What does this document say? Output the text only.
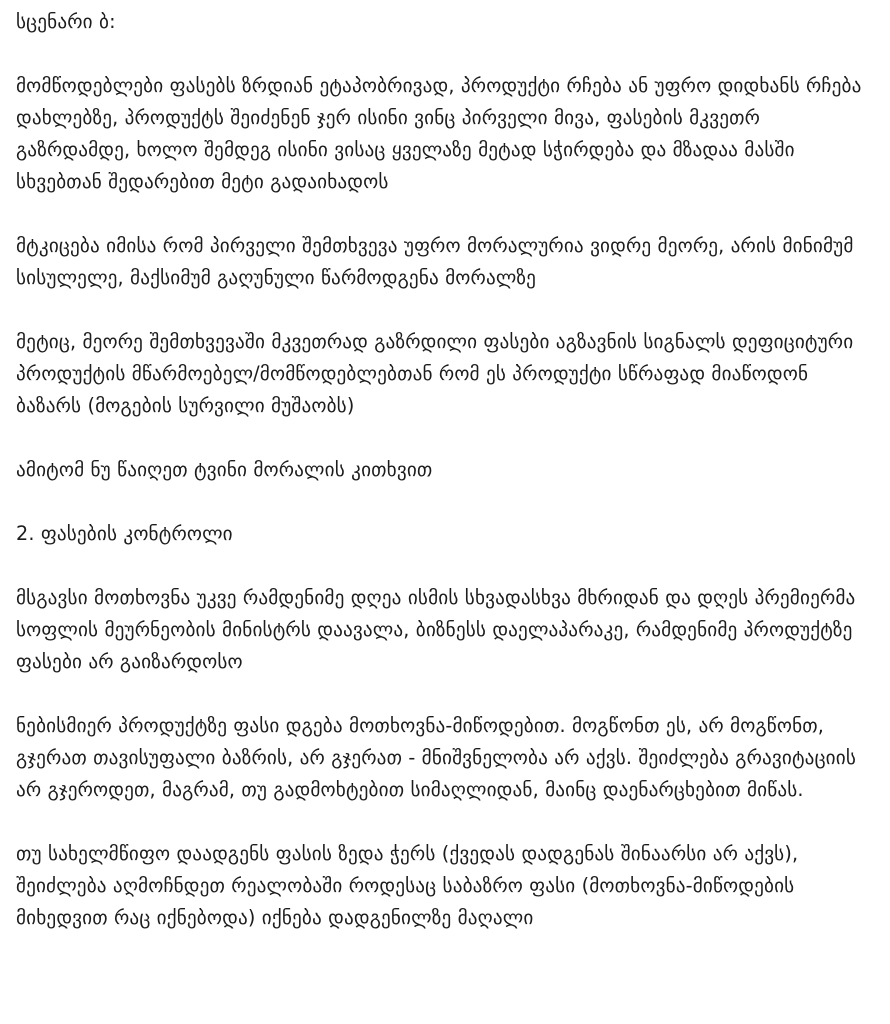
სცენარი ბ:

მომწოდებლები ფასებს ზრდიან ეტაპობრივად, პროდუქტი რჩება ან უფრო დიდხანს რჩება დახლებზე, პროდუქტს შეიძენენ ჯერ ისინი ვინც პირველი მივა, ფასების მკვეთრ გაზრდამდე, ხოლო შემდეგ ისინი ვისაც ყველაზე მეტად სჭირდება და მზადაა მასში სხვებთან შედარებით მეტი გადაიხადოს

მტკიცება იმისა რომ პირველი შემთხვევა უფრო მორალურია ვიდრე მეორე, არის მინიმუმ სისულელე, მაქსიმუმ გაღუნული წარმოდგენა მორალზე

მეტიც, მეორე შემთხვევაში მკვეთრად გაზრდილი ფასები აგზავნის სიგნალს დეფიციტური პროდუქტის მწარმოებელ/მომწოდებლებთან რომ ეს პროდუქტი სწრაფად მიაწოდონ ბაზარს (მოგების სურვილი მუშაობს)

ამიტომ ნუ წაიღეთ ტვინი მორალის კითხვით

2. ფასების კონტროლი

მსგავსი მოთხოვნა უკვე რამდენიმე დღეა ისმის სხვადასხვა მხრიდან და დღეს პრემიერმა სოფლის მეურნეობის მინისტრს დაავალა, ბიზნესს დაელაპარაკე, რამდენიმე პროდუქტზე ფასები არ გაიზარდოსო

ნებისმიერ პროდუქტზე ფასი დგება მოთხოვნა-მიწოდებით. მოგწონთ ეს, არ მოგწონთ, გჯერათ თავისუფალი ბაზრის, არ გჯერათ - მნიშვნელობა არ აქვს. შეიძლება გრავიტაციის არ გჯეროდეთ, მაგრამ, თუ გადმოხტებით სიმაღლიდან, მაინც დაენარცხებით მიწას.

თუ სახელმწიფო დაადგენს ფასის ზედა ჭერს (ქვედას დადგენას შინაარსი არ აქვს), შეიძლება აღმოჩნდეთ რეალობაში როდესაც საბაზრო ფასი (მოთხოვნა-მიწოდების მიხედვით რაც იქნებოდა) იქნება დადგენილზე მაღალი
